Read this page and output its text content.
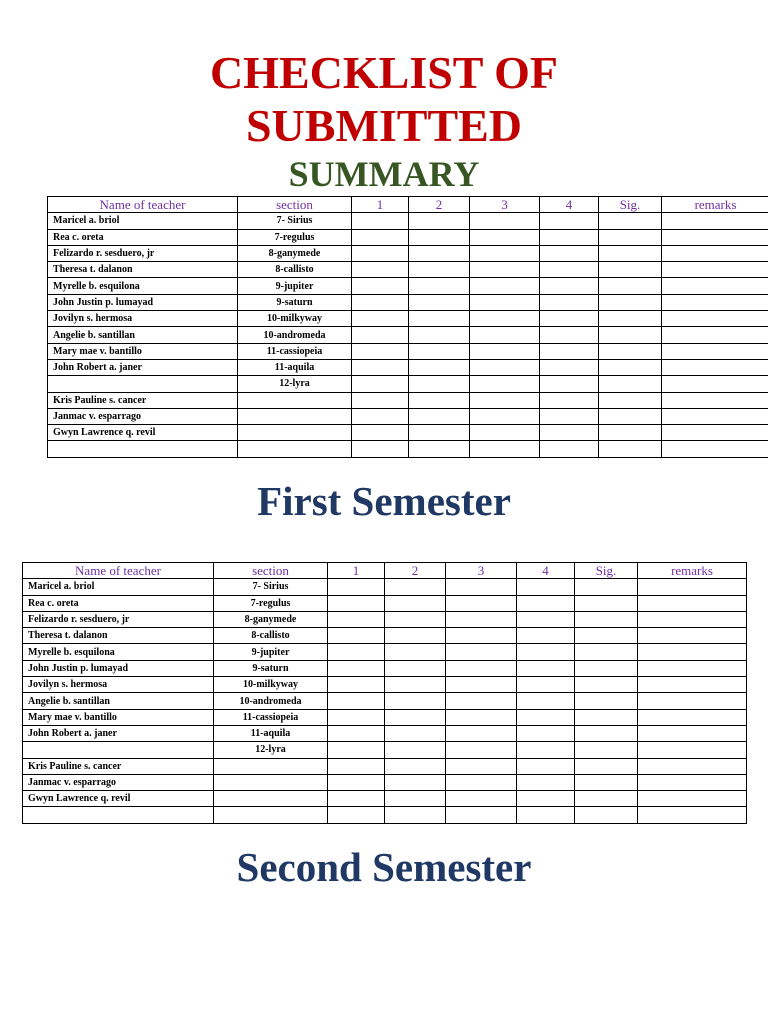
CHECKLIST OF
SUBMITTED
SUMMARY
Name of teacher	section	1	2	3	4	Sig.	remarks
Maricel a. briol	7- Sirius						
Rea c. oreta	7-regulus						
Felizardo r. sesduero, jr	8-ganymede						
Theresa t. dalanon	8-callisto						
Myrelle b. esquilona	9-jupiter						
John Justin p. lumayad	9-saturn						
Jovilyn s. hermosa	10-milkyway						
Angelie b. santillan	10-andromeda						
Mary mae v. bantillo	11-cassiopeia						
John Robert a. janer	11-aquila						
	12-lyra						
Kris Pauline s. cancer							
Janmac v. esparrago							
Gwyn Lawrence q. revil							

First Semester
Name of teacher	section	1	2	3	4	Sig.	remarks
Maricel a. briol	7- Sirius						
Rea c. oreta	7-regulus						
Felizardo r. sesduero, jr	8-ganymede						
Theresa t. dalanon	8-callisto						
Myrelle b. esquilona	9-jupiter						
John Justin p. lumayad	9-saturn						
Jovilyn s. hermosa	10-milkyway						
Angelie b. santillan	10-andromeda						
Mary mae v. bantillo	11-cassiopeia						
John Robert a. janer	11-aquila						
	12-lyra						
Kris Pauline s. cancer							
Janmac v. esparrago							
Gwyn Lawrence q. revil							

Second Semester
